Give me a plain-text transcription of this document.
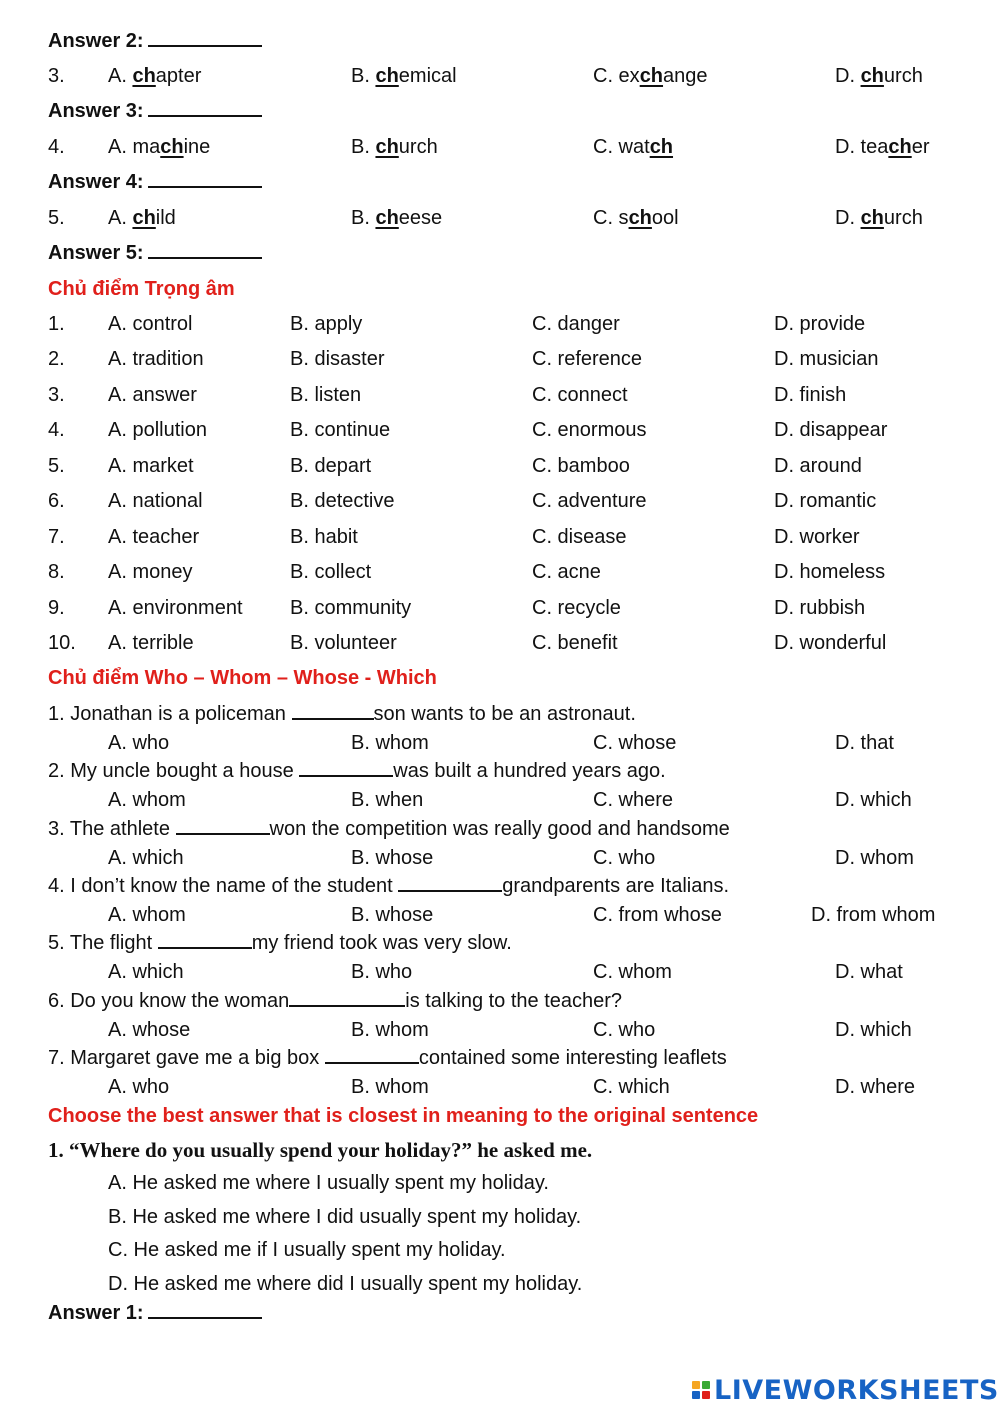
Answer 2:
3. A. chapter	B. chemical	C. exchange	D. church
Answer 3:
4. A. machine	B. church	C. watch	D. teacher
Answer 4:
5. A. child	B. cheese	C. school	D. church
Answer 5:
Chủ điểm Trọng âm
1. A. control	B. apply	C. danger	D. provide
2. A. tradition	B. disaster	C. reference	D. musician
3. A. answer	B. listen	C. connect	D. finish
4. A. pollution	B. continue	C. enormous	D. disappear
5. A. market	B. depart	C. bamboo	D. around
6. A. national	B. detective	C. adventure	D. romantic
7. A. teacher	B. habit	C. disease	D. worker
8. A. money	B. collect	C. acne	D. homeless
9. A. environment B. community	C. recycle	D. rubbish
10. A. terrible	B. volunteer	C. benefit	D. wonderful
Chủ điểm Who – Whom – Whose - Which
1. Jonathan is a policeman	son wants to be an astronaut.
A. who	B. whom	C. whose	D. that
2. My uncle bought a house	was built a hundred years ago.
A. whom	B. when	C. where	D. which
3. The athlete	won the competition was really good and handsome
A. which	B. whose	C. who	D. whom
4. I don’t know the name of the student	grandparents are Italians.
A. whom	B. whose	C. from whose	D. from whom
5. The flight	my friend took was very slow.
A. which	B. who	C. whom	D. what
6. Do you know the woman	is talking to the teacher?
A. whose	B. whom	C. who	D. which
7. Margaret gave me a big box	contained some interesting leaflets
A. who	B. whom	C. which	D. where
Choose the best answer that is closest in meaning to the original sentence
1. “Where do you usually spend your holiday?” he asked me.
A. He asked me where I usually spent my holiday.
B. He asked me where I did usually spent my holiday.
C. He asked me if I usually spent my holiday.
D. He asked me where did I usually spent my holiday.
Answer 1:
LIVEWORKSHEETS
